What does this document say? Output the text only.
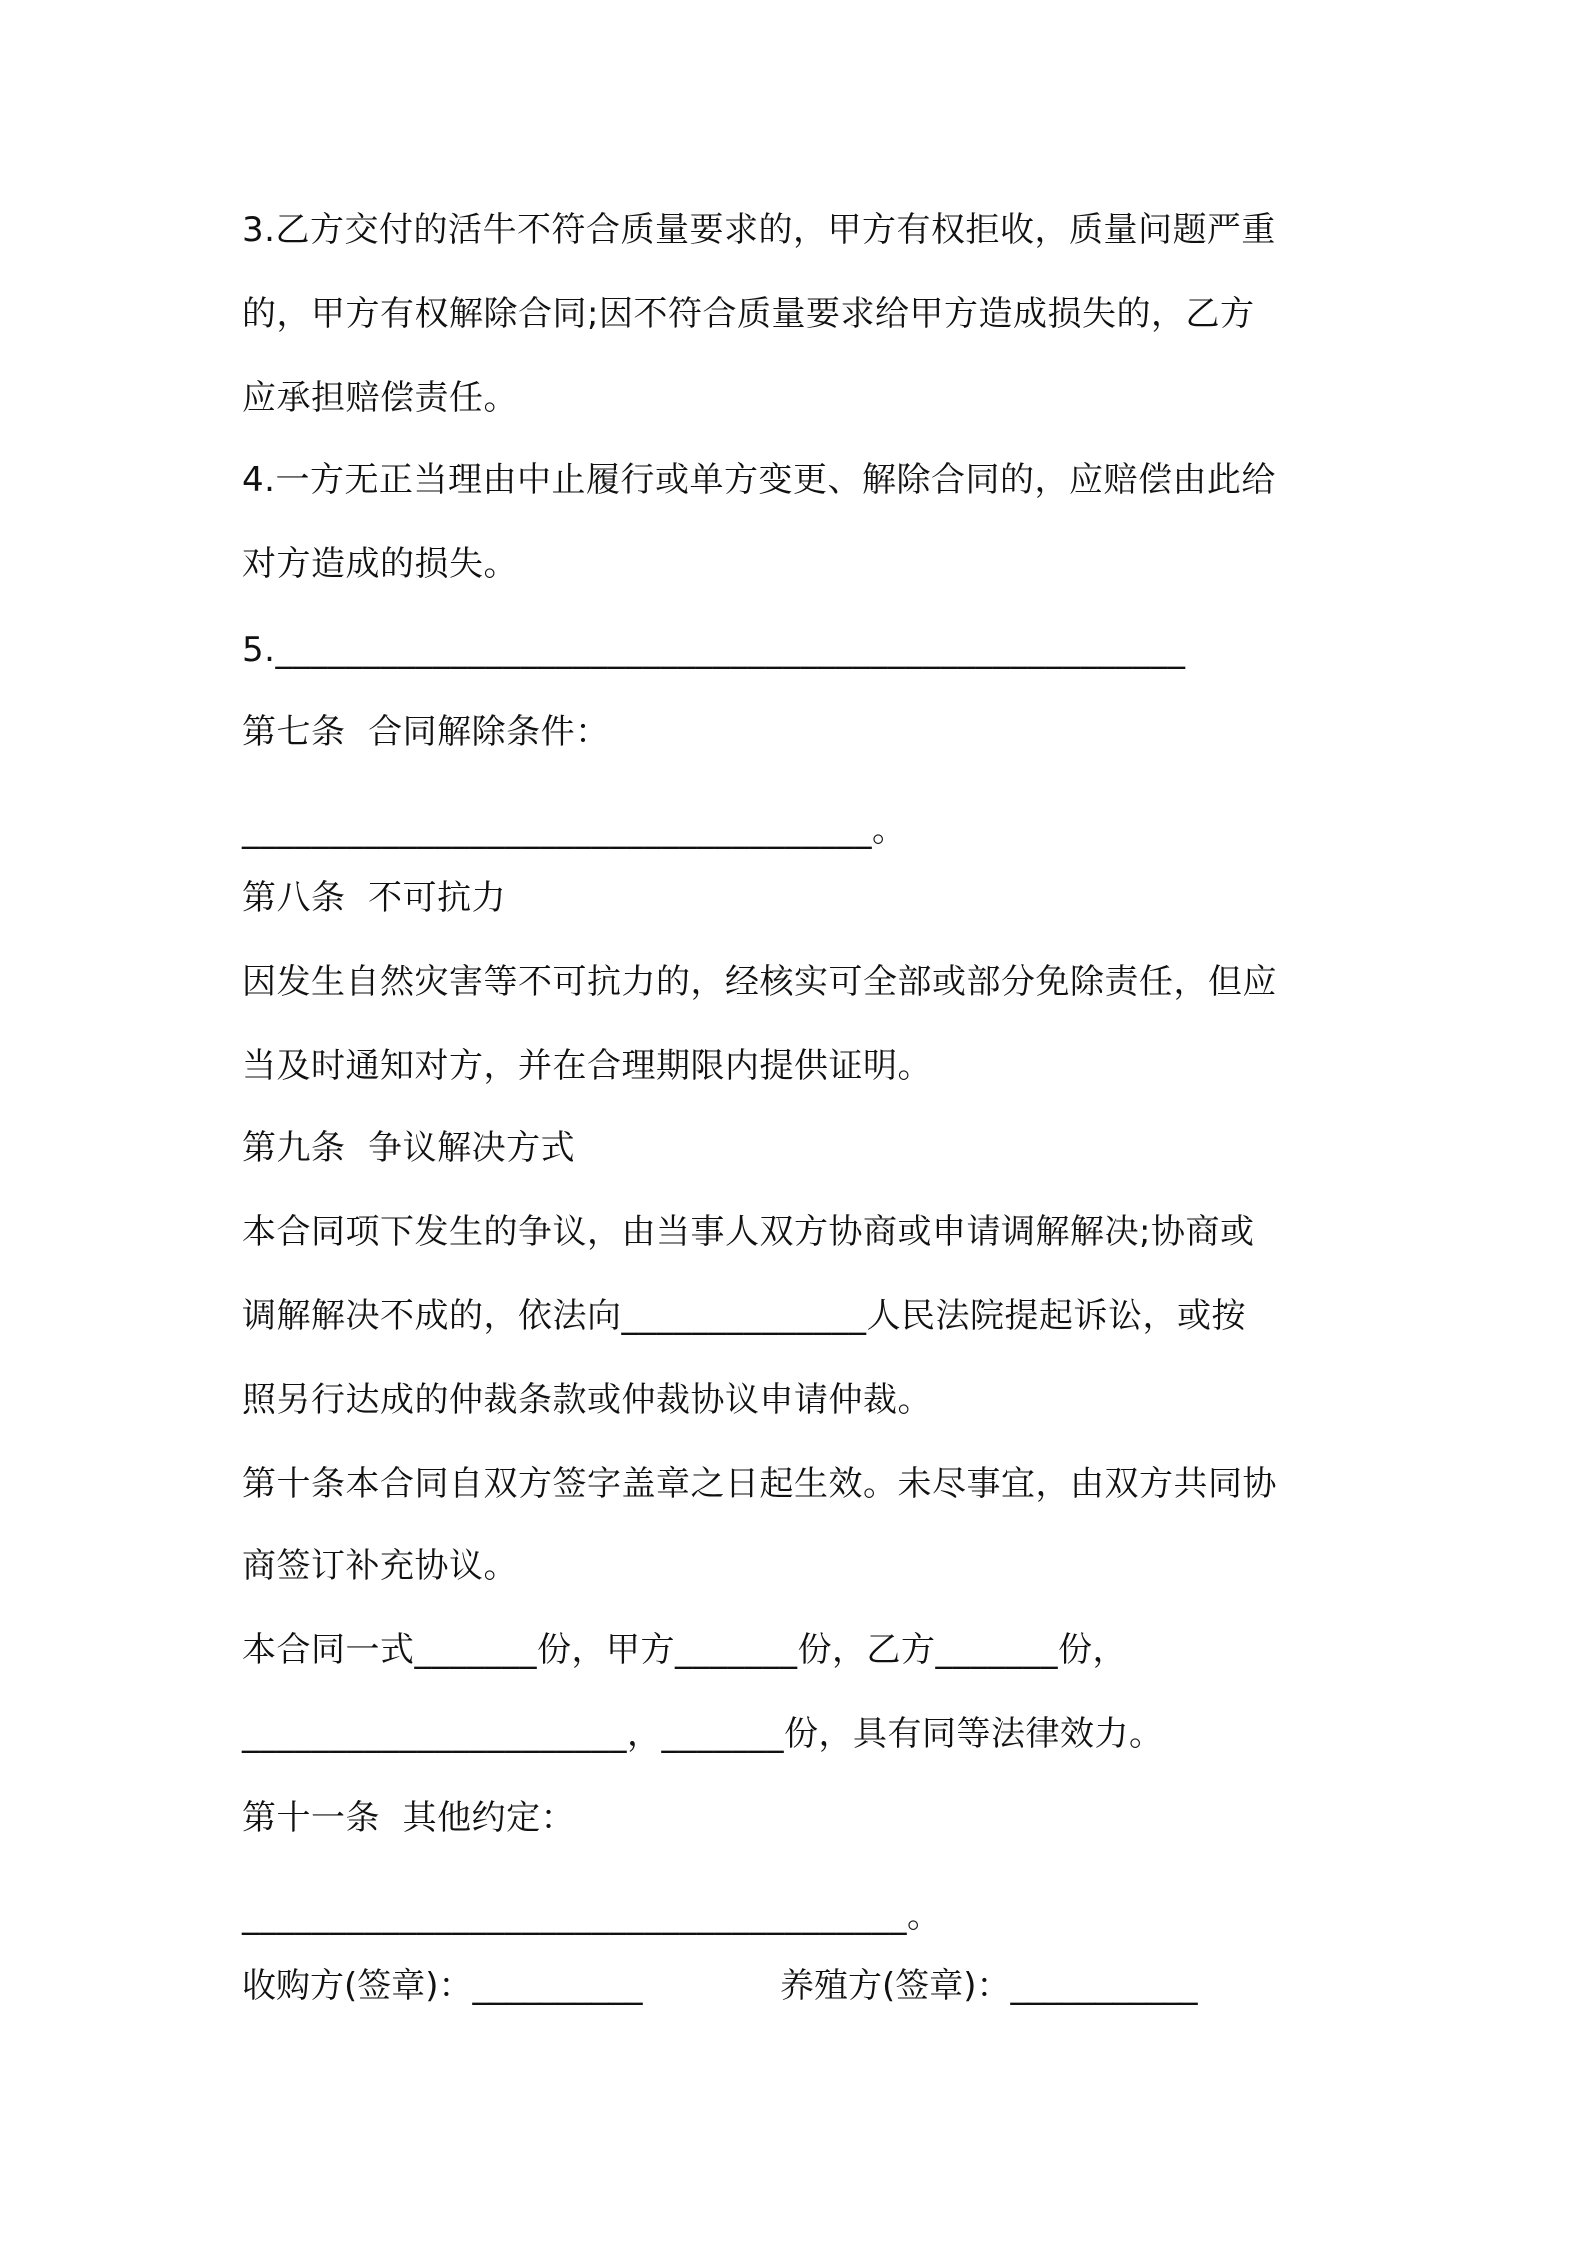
3.乙方交付的活牛不符合质量要求的，甲方有权拒收，质量问题严重
的，甲方有权解除合同;因不符合质量要求给甲方造成损失的，乙方
应承担赔偿责任。
4.一方无正当理由中止履行或单方变更、解除合同的，应赔偿由此给
对方造成的损失。
5.____________________________________________________
第七条  合同解除条件：
____________________________________。
第八条  不可抗力
因发生自然灾害等不可抗力的，经核实可全部或部分免除责任，但应
当及时通知对方，并在合理期限内提供证明。
第九条  争议解决方式
本合同项下发生的争议，由当事人双方协商或申请调解解决;协商或
调解解决不成的，依法向______________人民法院提起诉讼，或按
照另行达成的仲裁条款或仲裁协议申请仲裁。
第十条本合同自双方签字盖章之日起生效。未尽事宜，由双方共同协
商签订补充协议。
本合同一式_______份，甲方_______份，乙方_______份，
______________________，_______份，具有同等法律效力。
第十一条  其他约定：
______________________________________。
收购方(签章)：__________	养殖方(签章)：___________
